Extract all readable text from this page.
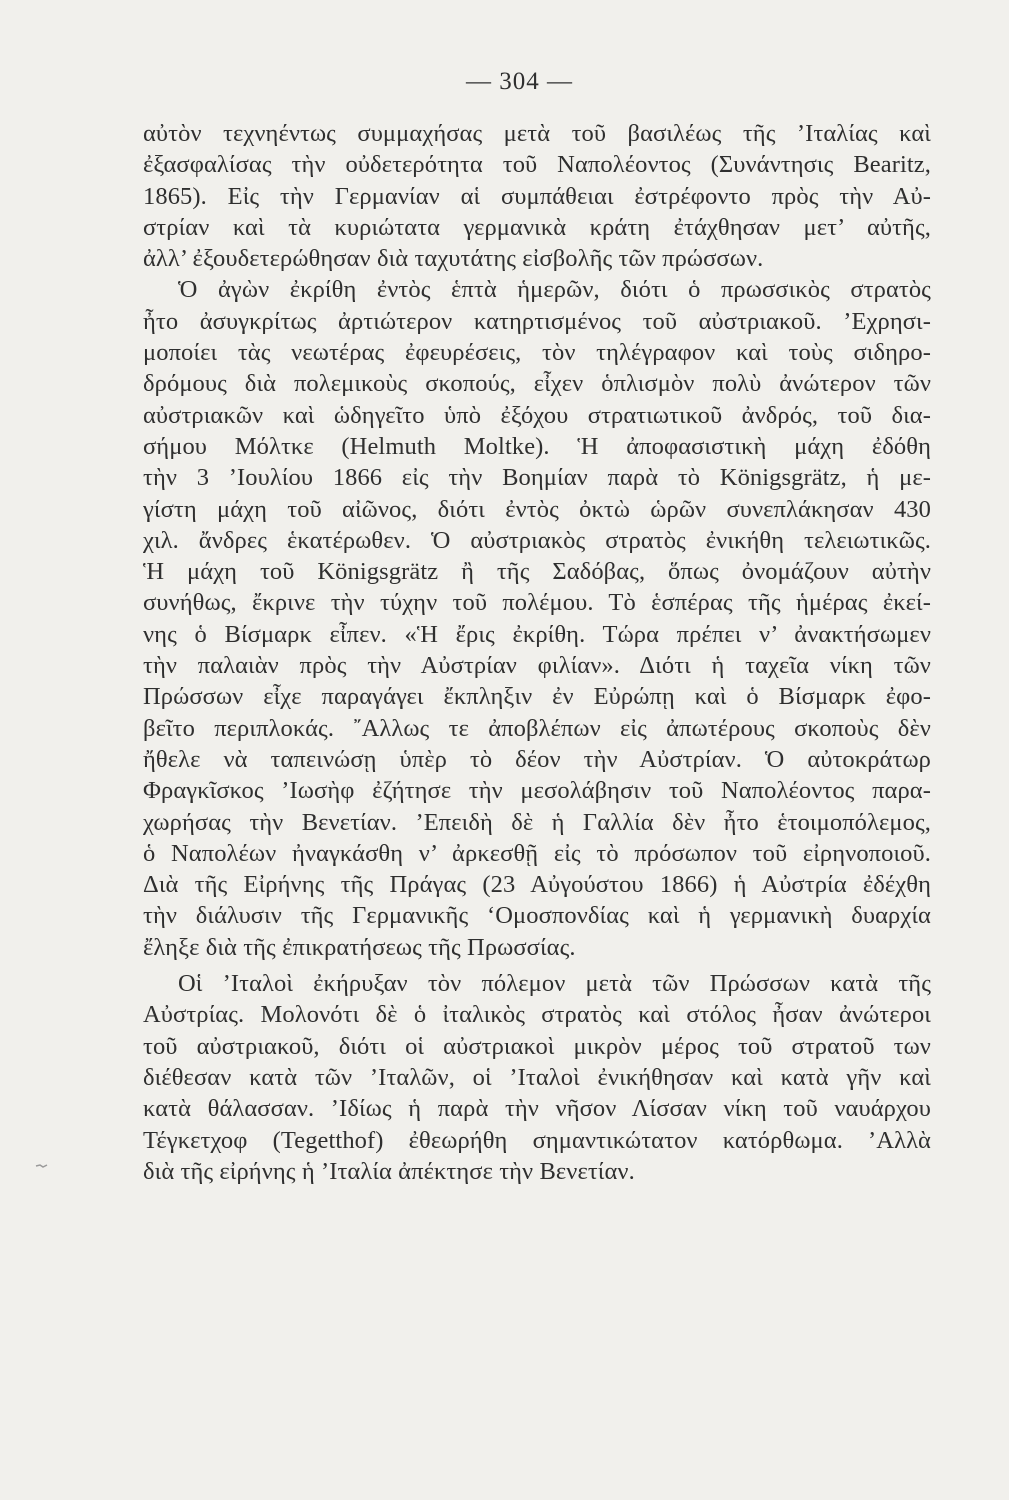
— 304 —
αὐτὸν τεχνηέντως συμμαχήσας μετὰ τοῦ βασιλέως τῆς ’Ιταλίας καὶ
ἐξασφαλίσας τὴν οὐδετερότητα τοῦ Ναπολέοντος (Συνάντησις Bearitz,
1865). Εἰς τὴν Γερμανίαν αἱ συμπάθειαι ἐστρέφοντο πρὸς τὴν Αὐ-
στρίαν καὶ τὰ κυριώτατα γερμανικὰ κράτη ἐτάχθησαν μετ’ αὐτῆς,
ἀλλ’ ἐξουδετερώθησαν διὰ ταχυτάτης εἰσβολῆς τῶν πρώσσων.
Ὁ ἀγὼν ἐκρίθη ἐντὸς ἑπτὰ ἡμερῶν, διότι ὁ πρωσσικὸς στρατὸς
ἦτο ἀσυγκρίτως ἀρτιώτερον κατηρτισμένος τοῦ αὐστριακοῦ. ’Εχρησι-
μοποίει τὰς νεωτέρας ἐφευρέσεις, τὸν τηλέγραφον καὶ τοὺς σιδηρο-
δρόμους διὰ πολεμικοὺς σκοπούς, εἶχεν ὁπλισμὸν πολὺ ἀνώτερον τῶν
αὐστριακῶν καὶ ὡδηγεῖτο ὑπὸ ἐξόχου στρατιωτικοῦ ἀνδρός, τοῦ δια-
σήμου Μόλτκε (Helmuth Moltke). Ἡ ἀποφασιστικὴ μάχη ἐδόθη
τὴν 3 ’Ιουλίου 1866 εἰς τὴν Βοημίαν παρὰ τὸ Königsgrätz, ἡ με-
γίστη μάχη τοῦ αἰῶνος, διότι ἐντὸς ὀκτὼ ὡρῶν συνεπλάκησαν 430
χιλ. ἄνδρες ἑκατέρωθεν. Ὁ αὐστριακὸς στρατὸς ἐνικήθη τελειωτικῶς.
Ἡ μάχη τοῦ Königsgrätz ἢ τῆς Σαδόβας, ὅπως ὀνομάζουν αὐτὴν
συνήθως, ἔκρινε τὴν τύχην τοῦ πολέμου. Τὸ ἑσπέρας τῆς ἡμέρας ἐκεί-
νης ὁ Βίσμαρκ εἶπεν. «Ἡ ἔρις ἐκρίθη. Τώρα πρέπει ν’ ἀνακτήσωμεν
τὴν παλαιὰν πρὸς τὴν Αὐστρίαν φιλίαν». Διότι ἡ ταχεῖα νίκη τῶν
Πρώσσων εἶχε παραγάγει ἔκπληξιν ἐν Εὐρώπῃ καὶ ὁ Βίσμαρκ ἐφο-
βεῖτο περιπλοκάς. ῎Αλλως τε ἀποβλέπων εἰς ἀπωτέρους σκοποὺς δὲν
ἤθελε νὰ ταπεινώσῃ ὑπὲρ τὸ δέον τὴν Αὐστρίαν. Ὁ αὐτοκράτωρ
Φραγκῖσκος ’Ιωσὴφ ἐζήτησε τὴν μεσολάβησιν τοῦ Ναπολέοντος παρα-
χωρήσας τὴν Βενετίαν. ’Επειδὴ δὲ ἡ Γαλλία δὲν ἦτο ἑτοιμοπόλεμος,
ὁ Ναπολέων ἠναγκάσθη ν’ ἀρκεσθῇ εἰς τὸ πρόσωπον τοῦ εἰρηνοποιοῦ.
Διὰ τῆς Εἰρήνης τῆς Πράγας (23 Αὐγούστου 1866) ἡ Αὐστρία ἐδέχθη
τὴν διάλυσιν τῆς Γερμανικῆς ‘Ομοσπονδίας καὶ ἡ γερμανικὴ δυαρχία
ἔληξε διὰ τῆς ἐπικρατήσεως τῆς Πρωσσίας.
Οἱ ’Ιταλοὶ ἐκήρυξαν τὸν πόλεμον μετὰ τῶν Πρώσσων κατὰ τῆς
Αὐστρίας. Μολονότι δὲ ὁ ἰταλικὸς στρατὸς καὶ στόλος ἦσαν ἀνώτεροι
τοῦ αὐστριακοῦ, διότι οἱ αὐστριακοὶ μικρὸν μέρος τοῦ στρατοῦ των
διέθεσαν κατὰ τῶν ’Ιταλῶν, οἱ ’Ιταλοὶ ἐνικήθησαν καὶ κατὰ γῆν καὶ
κατὰ θάλασσαν. ’Ιδίως ἡ παρὰ τὴν νῆσον Λίσσαν νίκη τοῦ ναυάρχου
Τέγκετχοφ (Tegetthof) ἐθεωρήθη σημαντικώτατον κατόρθωμα. ’Αλλὰ
διὰ τῆς εἰρήνης ἡ ’Ιταλία ἀπέκτησε τὴν Βενετίαν.
